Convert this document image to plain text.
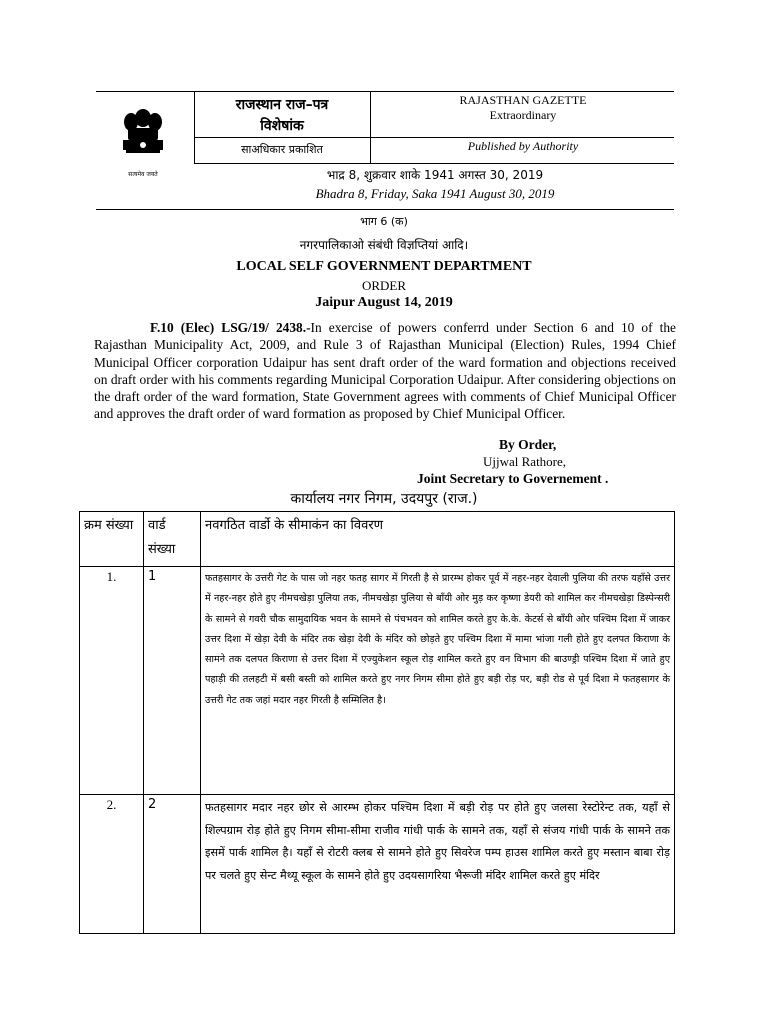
सत्यमेव जयते
राजस्थान राज–पत्र
विशेषांक
RAJASTHAN GAZETTE
Extraordinary
साअधिकार प्रकाशित	Published by Authority
भाद्र 8, शुक्रवार शाके 1941 अगस्त 30, 2019
Bhadra 8, Friday, Saka 1941 August 30, 2019
भाग 6 (क)
नगरपालिकाओ संबंधी विज्ञप्तियां आदि।
LOCAL SELF GOVERNMENT DEPARTMENT
ORDER
Jaipur August 14, 2019
F.10 (Elec) LSG/19/ 2438.-In exercise of powers conferrd under Section 6 and 10 of the Rajasthan Municipality Act, 2009, and Rule 3 of Rajasthan Municipal (Election) Rules, 1994 Chief Municipal Officer corporation Udaipur has sent draft order of the ward formation and objections received on draft order with his comments regarding Municipal Corporation Udaipur. After considering objections on the draft order of the ward formation, State Government agrees with comments of Chief Municipal Officer and approves the draft order of ward formation as proposed by Chief Municipal Officer.
By Order,
Ujjwal Rathore,
Joint Secretary to Governement .
कार्यालय नगर निगम, उदयपुर (राज.)
क्रम संख्या	वार्ड संख्या	नवगठित वार्डो के सीमाकंन का विवरण
1.	1	फतहसागर के उत्तरी गेट के पास जो नहर फतह सागर में गिरती है से प्रारम्भ होकर पूर्व में नहर-नहर देवाली पुलिया की तरफ यहाँसे उत्तर में नहर-नहर होते हुए नीमचखेड़ा पुलिया तक, नीमचखेड़ा पुलिया से बाँयी ओर मुड़ कर कृष्णा डेयरी को शामिल कर नीमचखेड़ा डिस्पेन्सरी के सामने से गवरी चौक सामुदायिक भवन के सामने से पंचभवन को शामिल करते हुए के.के. केटर्स से बाँयी ओर पश्चिम दिशा में जाकर उत्तर दिशा में खेड़ा देवी के मंदिर तक खेड़ा देवी के मंदिर को छोड़ते हुए पश्चिम दिशा में मामा भांजा गली होते हुए दलपत किराणा के सामने तक दलपत किराणा से उत्तर दिशा में एज्युकेशन स्कूल रोड़ शामिल करते हुए वन विभाग की बाउण्ड्री पश्चिम दिशा में जाते हुए पहाड़ी की तलहटी में बसी बस्ती को शामिल करते हुए नगर निगम सीमा होते हुए बड़ी रोड़ पर, बड़ी रोड से पूर्व दिशा मे फतहसागर के उत्तरी गेट तक जहां मदार नहर गिरती है सम्मिलित है।
2.	2	फतहसागर मदार नहर छोर से आरम्भ होकर पश्चिम दिशा में बड़ी रोड़ पर होते हुए जलसा रेस्टोरेन्ट तक, यहाँ से शिल्पग्राम रोड़ होते हुए निगम सीमा-सीमा राजीव गांधी पार्क के सामने तक, यहाँ से संजय गांधी पार्क के सामने तक इसमें पार्क शामिल है। यहाँ से रोटरी क्लब से सामने होते हुए सिवरेज पम्प हाउस शामिल करते हुए मस्तान बाबा रोड़ पर चलते हुए सेन्ट मैथ्यू स्कूल के सामने होते हुए उदयसागरिया भैरूजी मंदिर शामिल करते हुए मंदिर
